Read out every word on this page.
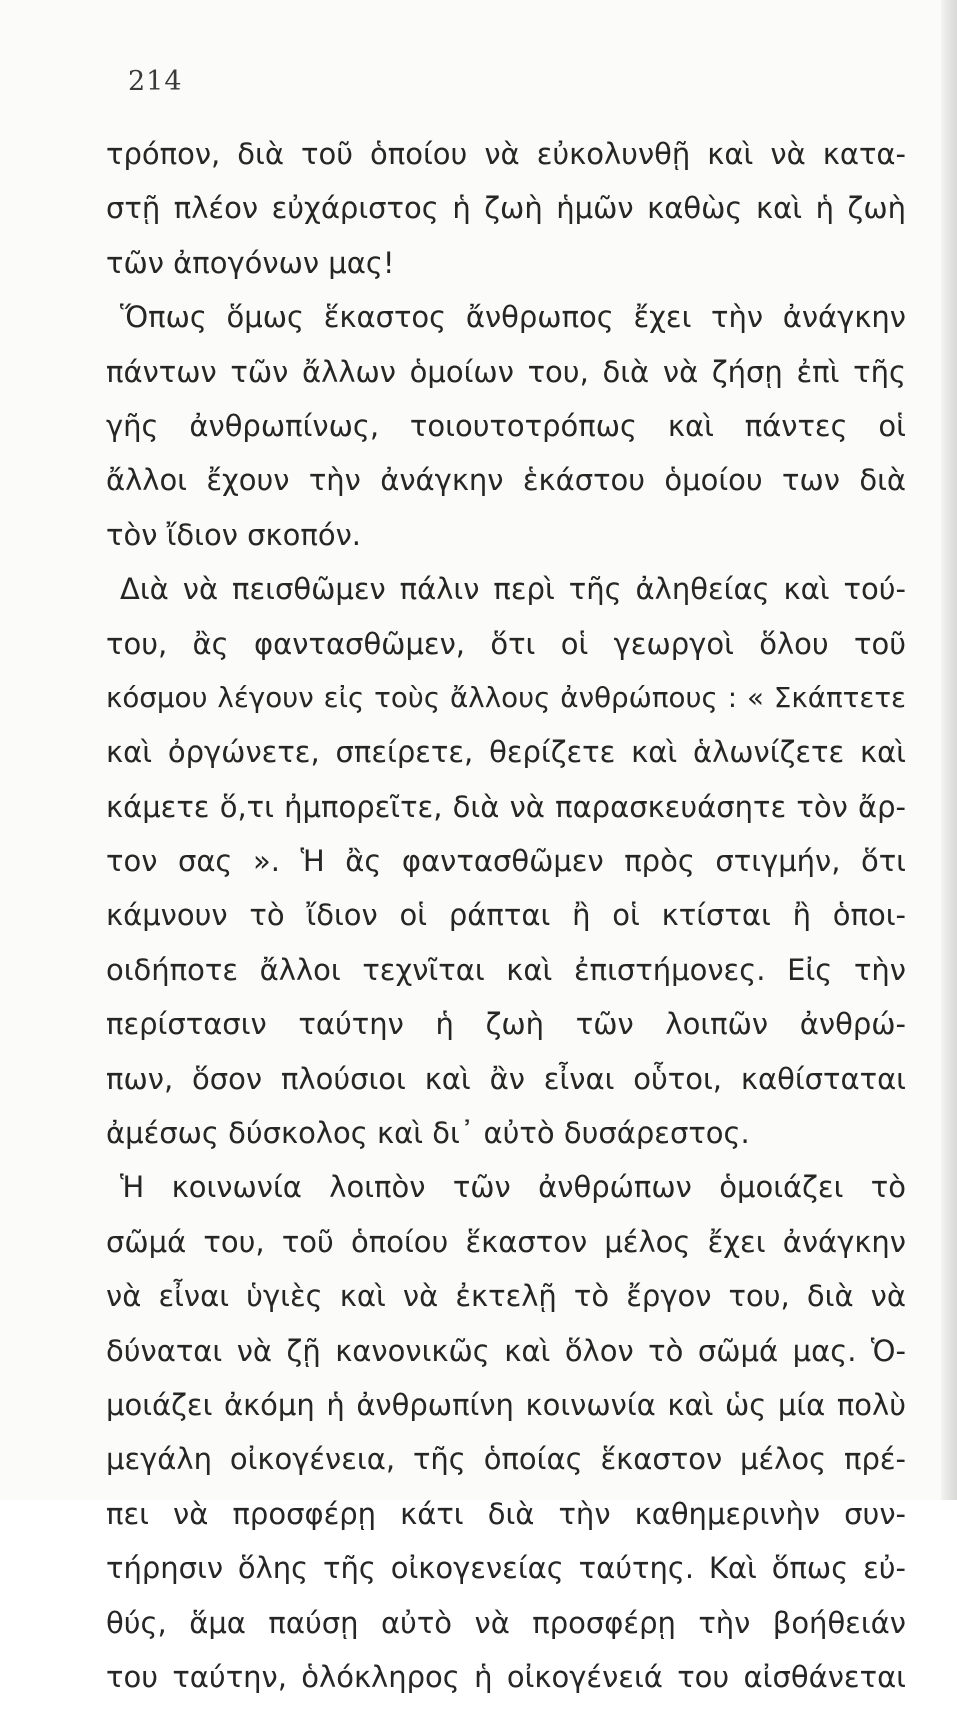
214
τρόπον, διὰ τοῦ ὁποίου νὰ εὐκολυνθῇ καὶ νὰ κατα-
στῇ πλέον εὐχάριστος ἡ ζωὴ ἡμῶν καθὼς καὶ ἡ ζωὴ
τῶν ἀπογόνων μας!
Ὅπως ὅμως ἕκαστος ἄνθρωπος ἔχει τὴν ἀνάγκην
πάντων τῶν ἄλλων ὁμοίων του, διὰ νὰ ζήσῃ ἐπὶ τῆς
γῆς ἀνθρωπίνως, τοιουτοτρόπως καὶ πάντες οἱ
ἄλλοι ἔχουν τὴν ἀνάγκην ἑκάστου ὁμοίου των διὰ
τὸν ἴδιον σκοπόν.
Διὰ νὰ πεισθῶμεν πάλιν περὶ τῆς ἀληθείας καὶ τού-
του, ἂς φαντασθῶμεν, ὅτι οἱ γεωργοὶ ὅλου τοῦ
κόσμου λέγουν εἰς τοὺς ἄλλους ἀνθρώπους : « Σκάπτετε
καὶ ὀργώνετε, σπείρετε, θερίζετε καὶ ἁλωνίζετε καὶ
κάμετε ὅ,τι ἠμπορεῖτε, διὰ νὰ παρασκευάσητε τὸν ἄρ-
τον σας ». Ἡ ἂς φαντασθῶμεν πρὸς στιγμήν, ὅτι
κάμνουν τὸ ἴδιον οἱ ράπται ἢ οἱ κτίσται ἢ ὁποι-
οιδήποτε ἄλλοι τεχνῖται καὶ ἐπιστήμονες. Εἰς τὴν
περίστασιν ταύτην ἡ ζωὴ τῶν λοιπῶν ἀνθρώ-
πων, ὅσον πλούσιοι καὶ ἂν εἶναι οὗτοι, καθίσταται
ἀμέσως δύσκολος καὶ δι᾽ αὐτὸ δυσάρεστος.
Ἡ κοινωνία λοιπὸν τῶν ἀνθρώπων ὁμοιάζει τὸ
σῶμά του, τοῦ ὁποίου ἕκαστον μέλος ἔχει ἀνάγκην
νὰ εἶναι ὑγιὲς καὶ νὰ ἐκτελῇ τὸ ἔργον του, διὰ νὰ
δύναται νὰ ζῇ κανονικῶς καὶ ὅλον τὸ σῶμά μας. Ὁ-
μοιάζει ἀκόμη ἡ ἀνθρωπίνη κοινωνία καὶ ὡς μία πολὺ
μεγάλη οἰκογένεια, τῆς ὁποίας ἕκαστον μέλος πρέ-
πει νὰ προσφέρῃ κάτι διὰ τὴν καθημερινὴν συν-
τήρησιν ὅλης τῆς οἰκογενείας ταύτης. Καὶ ὅπως εὐ-
θύς, ἅμα παύσῃ αὐτὸ νὰ προσφέρῃ τὴν βοήθειάν
του ταύτην, ὁλόκληρος ἡ οἰκογένειά του αἰσθάνεται
